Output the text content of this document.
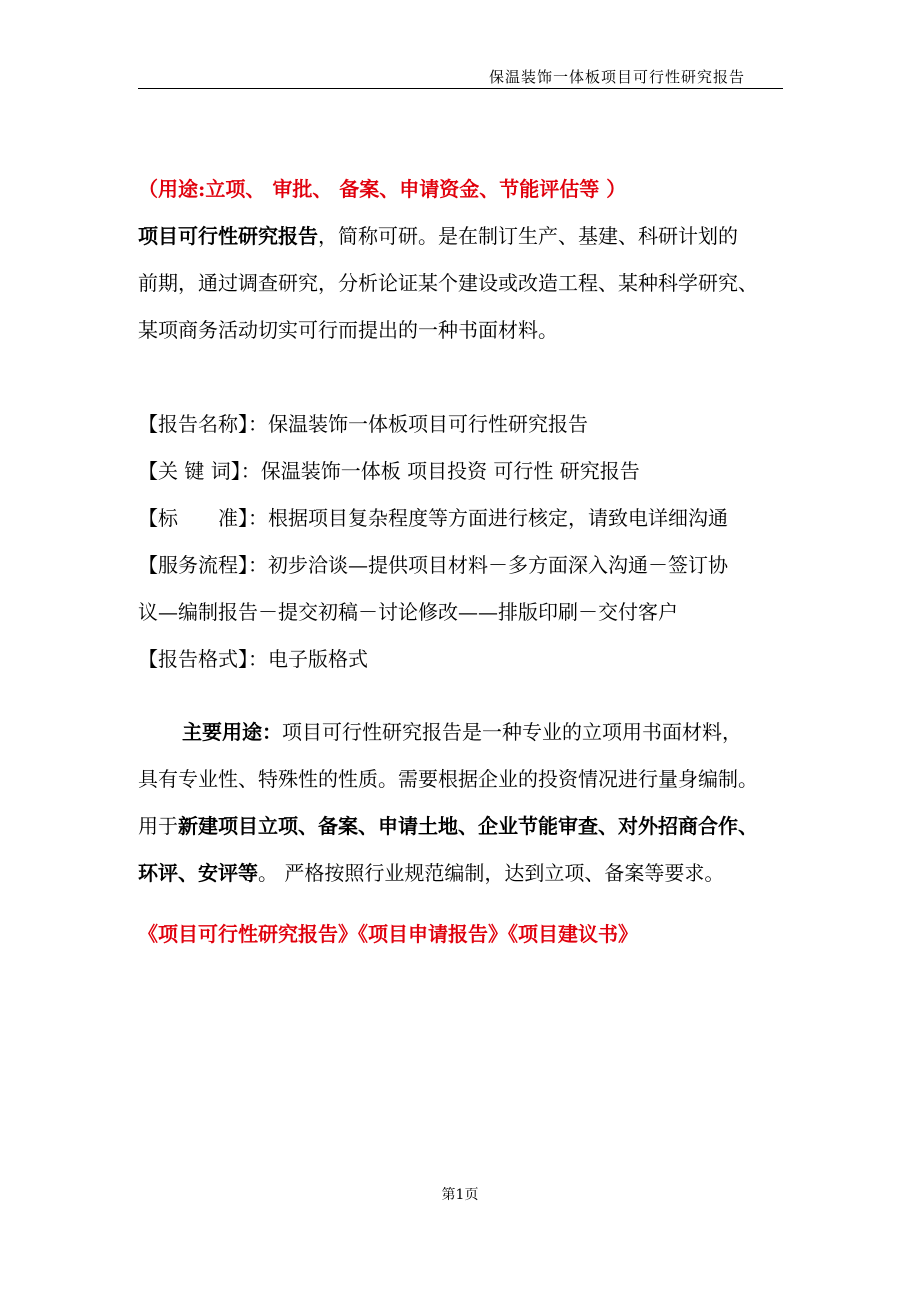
保温装饰一体板项目可行性研究报告
（用途:立项、 审批、 备案、申请资金、节能评估等 ）
项目可行性研究报告，简称可研。是在制订生产、基建、科研计划的
前期，通过调查研究，分析论证某个建设或改造工程、某种科学研究、
某项商务活动切实可行而提出的一种书面材料。
【报告名称】：保温装饰一体板项目可行性研究报告
【关 键 词】：保温装饰一体板 项目投资 可行性 研究报告
【标　　准】：根据项目复杂程度等方面进行核定，请致电详细沟通
【服务流程】：初步洽谈—提供项目材料－多方面深入沟通－签订协
议—编制报告－提交初稿－讨论修改——排版印刷－交付客户
【报告格式】：电子版格式
主要用途：项目可行性研究报告是一种专业的立项用书面材料，
具有专业性、特殊性的性质。需要根据企业的投资情况进行量身编制。
用于新建项目立项、备案、申请土地、企业节能审查、对外招商合作、
环评、安评等。 严格按照行业规范编制，达到立项、备案等要求。
《项目可行性研究报告》《项目申请报告》《项目建议书》
第1页
